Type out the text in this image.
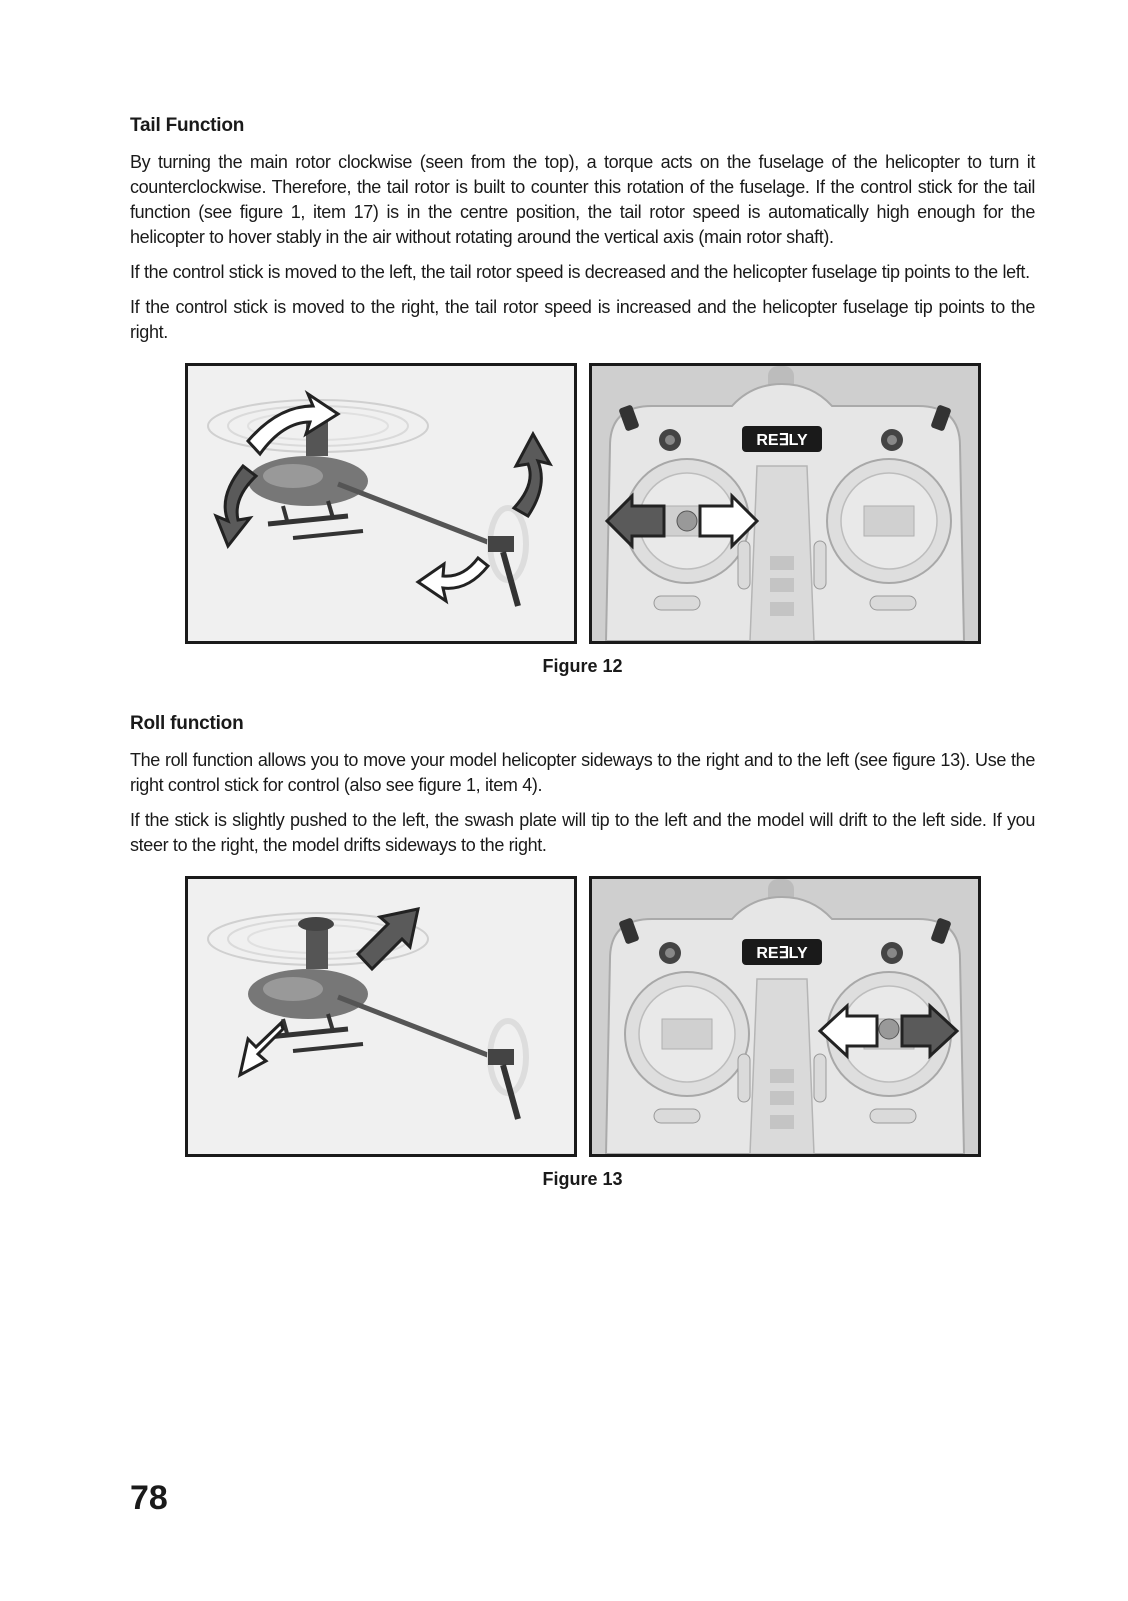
Tail Function

By turning the main rotor clockwise (seen from the top), a torque acts on the fuselage of the helicopter to turn it counterclockwise. Therefore, the tail rotor is built to counter this rotation of the fuselage. If the control stick for the tail function (see figure 1, item 17) is in the centre position, the tail rotor speed is automatically high enough for the helicopter to hover stably in the air without rotating around the vertical axis (main rotor shaft).

If the control stick is moved to the left, the tail rotor speed is decreased and the helicopter fuselage tip points to the left.

If the control stick is moved to the right, the tail rotor speed is increased and the helicopter fuselage tip points to the right.

RE∃LY
Figure 12
Roll function

The roll function allows you to move your model helicopter sideways to the right and to the left (see figure 13). Use the right control stick for control (also see figure 1, item 4).

If the stick is slightly pushed to the left, the swash plate will tip to the left and the model will drift to the left side. If you steer to the right, the model drifts sideways to the right.

RE∃LY
Figure 13
78
